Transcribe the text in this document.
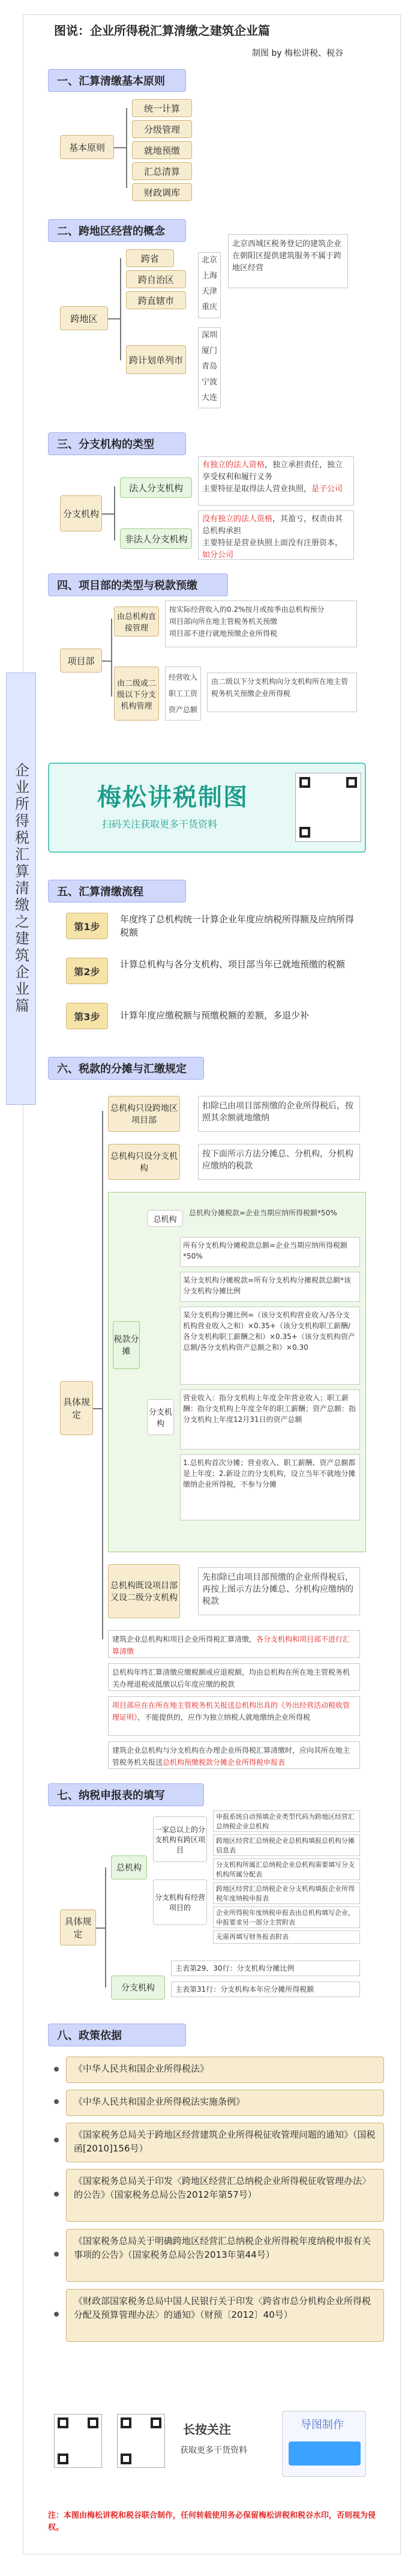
图说：企业所得税汇算清缴之建筑企业篇
制图 by 梅松讲税、税谷
企业所得税汇算清缴之建筑企业篇
一、汇算清缴基本原则
基本原则
统一计算
分级管理
就地预缴
汇总清算
财政调库
二、跨地区经营的概念
跨地区
跨省
跨自治区
跨直辖市
跨计划单列市
北京
上海
天津
重庆
深圳
厦门
青岛
宁波
大连
北京西城区税务登记的建筑企业在朝阳区提供建筑服务不属于跨地区经营
三、分支机构的类型
分支机构
法人分支机构
非法人分支机构
有独立的法人资格，独立承担责任，独立享受权利和履行义务
主要特征是取得法人营业执照，是子公司
没有独立的法人资格，其盈亏，权责由其总机构承担
主要特征是营业执照上面没有注册资本，如分公司
四、项目部的类型与税款预缴
项目部
由总机构直接管理
由二级或二级以下分支机构管理
按实际经营收入的0.2%按月或按季由总机构预分
项目部向所在地主管税务机关预缴
项目部不进行就地预缴企业所得税
经营收入
职工工资
资产总额
由二级以下分支机构向分支机构所在地主管税务机关预缴企业所得税
梅松讲税制图
扫码关注获取更多干货资料
五、汇算清缴流程
第1步
年度终了总机构统一计算企业年度应纳税所得额及应纳所得税额
第2步
计算总机构与各分支机构、项目部当年已就地预缴的税额
第3步	计算年度应缴税额与预缴税额的差额，多退少补
六、税款的分摊与汇缴规定
具体规定
总机构只设跨地区项目部
扣除已由项目部预缴的企业所得税后，按照其余额就地缴纳
总机构只设分支机构
按下面所示方法分摊总、分机构，分机构应缴纳的税款
税款分摊
总机构
总机构分摊税款=企业当期应纳所得税额*50%
分支机构
所有分支机构分摊税款总额=企业当期应纳所得税额*50%
某分支机构分摊税款=所有分支机构分摊税款总额*该分支机构分摊比例
某分支机构分摊比例=（该分支机构营业收入/各分支机构营业收入之和）×0.35+（该分支机构职工薪酬/各分支机构职工薪酬之和）×0.35+（该分支机构资产总额/各分支机构资产总额之和）×0.30
营业收入：指分支机构上年度全年营业收入；职工薪酬：指分支机构上年度全年的职工薪酬；资产总额：指分支机构上年度12月31日的资产总额
1.总机构首次分摊；营业收入、职工薪酬、资产总额都是上年度；2.新设立的分支机构，设立当年不就地分摊缴纳企业所得税，不参与分摊
总机构既设项目部又设二级分支机构
先扣除已由项目部预缴的企业所得税后，再按上图示方法分摊总、分机构应缴纳的税款
建筑企业总机构和项目企业所得税汇算清缴，各分支机构和项目部不进行汇算清缴
总机构年终汇算清缴应缴税额或应退税额，均由总机构在所在地主管税务机关办理退税或抵缴以后年度应缴的税款
项目部应在在所在地主管税务机关报送总机构出具的《外出经营活动税收管理证明》，不能提供的，应作为独立纳税人就地缴纳企业所得税
建筑企业总机构与分支机构在办理企业所得税汇算清缴时，应向其所在地主管税务机关报送总机构预缴税款分摊企业所得税申报表
七、纳税申报表的填写
具体规定
总机构
一家总以上的分支机构有跨区项目
分支机构有经营项目的
申报系统自动预填企业类型代码为跨地区经营汇总纳税企业总机构
跨地区经营汇总纳税企业总机构填报总机构分摊信息表
分支机构所属汇总纳税企业总机构需要填写分支机构所属分配表
跨地区经营汇总纳税企业分支机构填报企业所得税年度纳税申报表
企业所得税年度纳税申报表由总机构填写企业，申报要求另一部分主营附表
无需再填写财务报表附表
分支机构
主表第29、30行：分支机构分摊比例
主表第31行：分支机构本年应分摊所得税额
八、政策依据
《中华人民共和国企业所得税法》
《中华人民共和国企业所得税法实施条例》
《国家税务总局关于跨地区经营建筑企业所得税征收管理问题的通知》（国税函[2010]156号）
《国家税务总局关于印发〈跨地区经营汇总纳税企业所得税征收管理办法〉的公告》（国家税务总局公告2012年第57号）
《国家税务总局关于明确跨地区经营汇总纳税企业所得税年度纳税申报有关事项的公告》（国家税务总局公告2013年第44号）
《财政部国家税务总局中国人民银行关于印发〈跨省市总分机构企业所得税分配及预算管理办法〉的通知》（财预〔2012〕40号）
长按关注
获取更多干货资料
导图制作
注：本图由梅松讲税和税谷联合制作，任何转载使用务必保留梅松讲税和税谷水印，否则视为侵权。
